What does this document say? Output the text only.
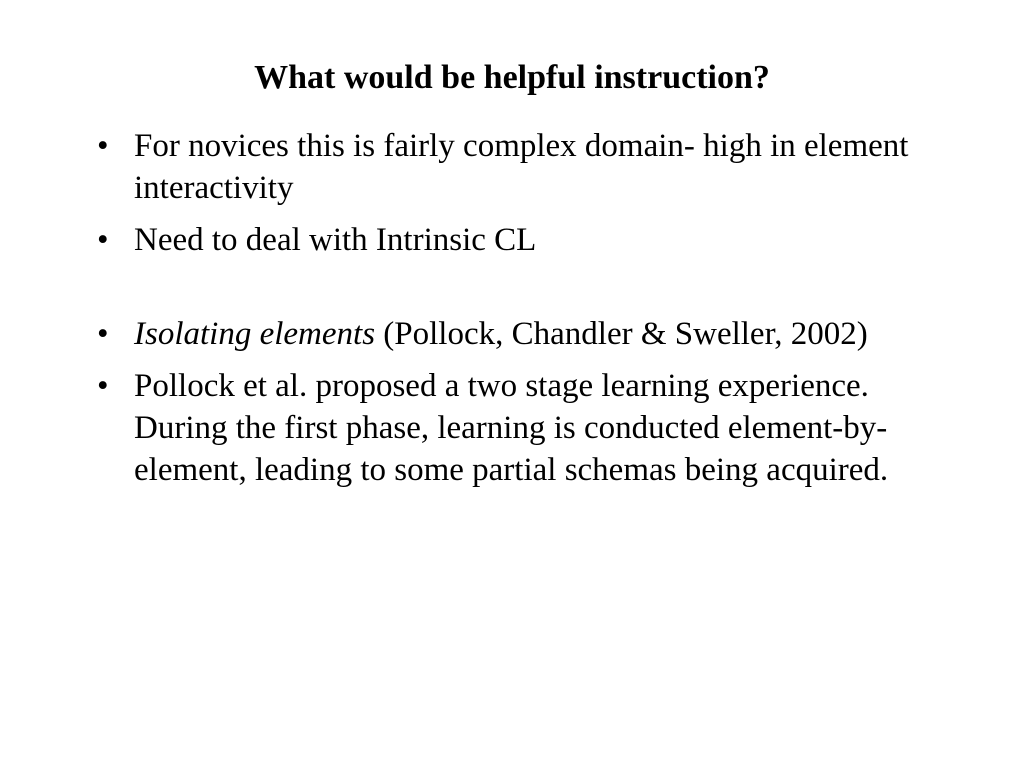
What would be helpful instruction?
• For novices this is fairly complex domain- high in element interactivity
• Need to deal with Intrinsic CL
• Isolating elements (Pollock, Chandler & Sweller, 2002)
• Pollock et al. proposed a two stage learning experience. During the first phase, learning is conducted element-by-element, leading to some partial schemas being acquired.
